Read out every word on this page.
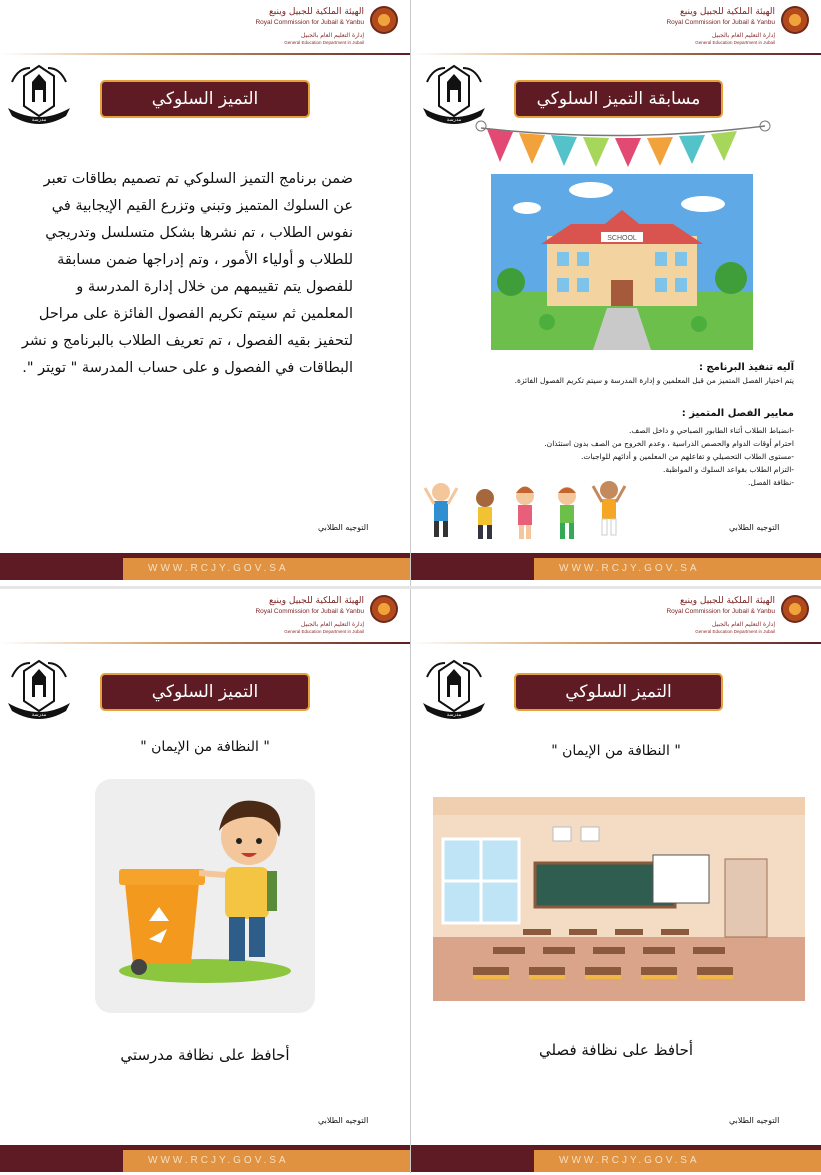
الهيئة الملكية للجبيل وينبع
Royal Commission for Jubail & Yanbu
إدارة التعليم العام بالجبيل
General Education Department in Jubail
مدرسة
التميز السلوكي
ضمن برنامج التميز السلوكي تم تصميم بطاقات تعبر عن السلوك المتميز وتبني وتزرع القيم الإيجابية في نفوس الطلاب ، تم نشرها بشكل متسلسل وتدريجي للطلاب و أولياء الأمور ، وتم إدراجها ضمن مسابقة للفصول يتم تقييمهم من خلال إدارة المدرسة و المعلمين ثم سيتم تكريم الفصول الفائزة على مراحل لتحفيز بقيه الفصول ، تم تعريف الطلاب بالبرنامج و نشر البطاقات في الفصول و على حساب المدرسة " تويتر ".
التوجيه الطلابي
WWW.RCJY.GOV.SA
الهيئة الملكية للجبيل وينبع
Royal Commission for Jubail & Yanbu
إدارة التعليم العام بالجبيل
General Education Department in Jubail
مدرسة
مسابقة التميز السلوكي
SCHOOL
آليه تنفيذ البرنامج :
يتم اختيار الفصل المتميز من قبل المعلمين و إدارة المدرسة و سيتم تكريم الفصول الفائزة.
معايير الفصل المتميز :
-انضباط الطلاب أثناء الطابور الصباحي و داخل الصف.
احترام أوقات الدوام والحصص الدراسية ، وعدم الخروج من الصف بدون استئذان.
-مستوى الطلاب التحصيلي و تفاعلهم من المعلمين و أدائهم للواجبات.
-التزام الطلاب بقواعد السلوك و المواظبة.
-نظافة الفصل.
التوجيه الطلابي
WWW.RCJY.GOV.SA
الهيئة الملكية للجبيل وينبع
Royal Commission for Jubail & Yanbu
إدارة التعليم العام بالجبيل
General Education Department in Jubail
مدرسة
التميز السلوكي
" النظافة من الإيمان "
أحافظ على نظافة مدرستي
التوجيه الطلابي
WWW.RCJY.GOV.SA
الهيئة الملكية للجبيل وينبع
Royal Commission for Jubail & Yanbu
إدارة التعليم العام بالجبيل
General Education Department in Jubail
مدرسة
التميز السلوكي
" النظافة من الإيمان "
أحافظ على نظافة فصلي
التوجيه الطلابي
WWW.RCJY.GOV.SA
